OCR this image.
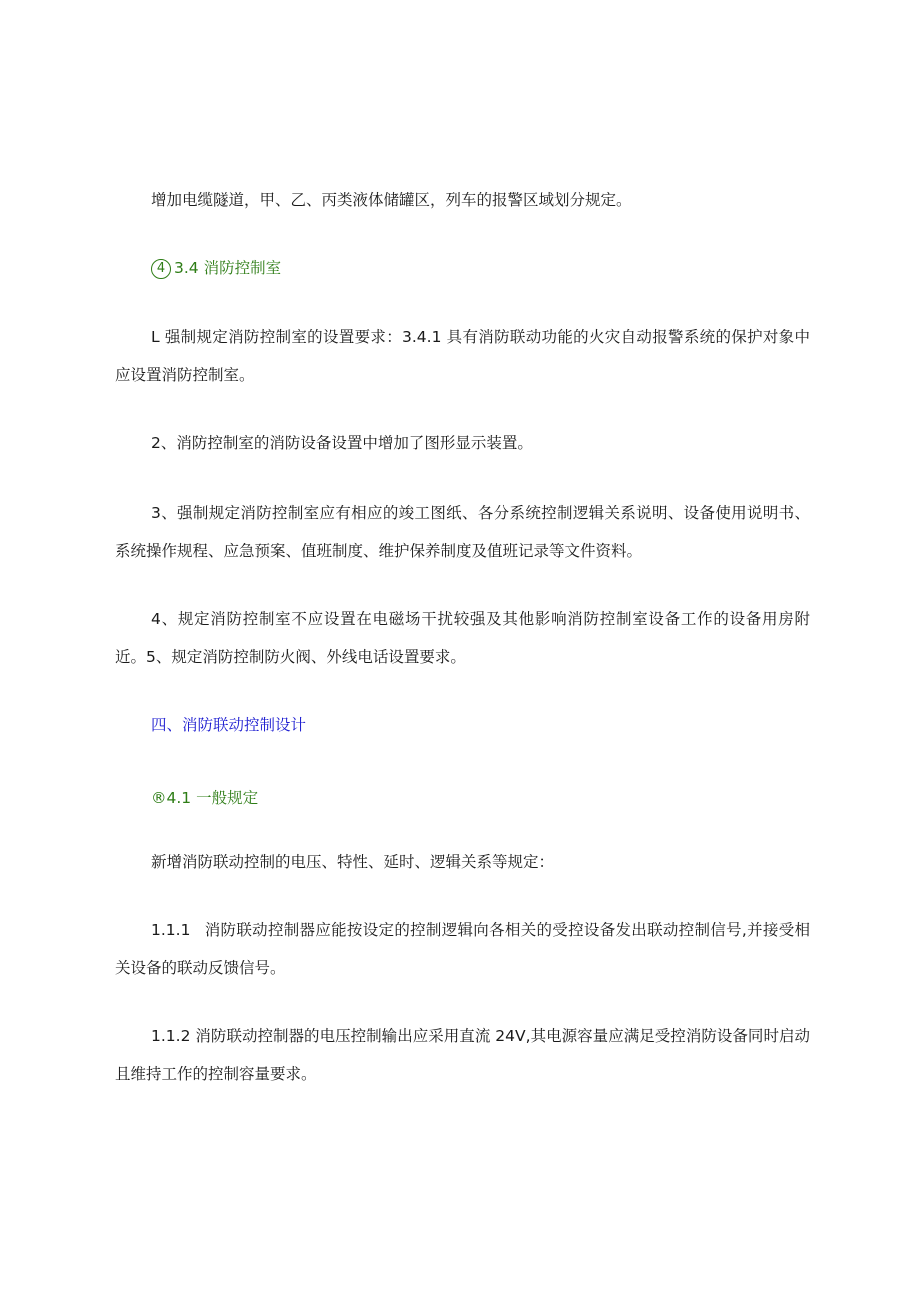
增加电缆隧道，甲、乙、丙类液体储罐区，列车的报警区域划分规定。

4 3.4 消防控制室

L 强制规定消防控制室的设置要求：3.4.1 具有消防联动功能的火灾自动报警系统的保护对象中应设置消防控制室。

2、消防控制室的消防设备设置中增加了图形显示装置。

3、强制规定消防控制室应有相应的竣工图纸、各分系统控制逻辑关系说明、设备使用说明书、系统操作规程、应急预案、值班制度、维护保养制度及值班记录等文件资料。

4、规定消防控制室不应设置在电磁场干扰较强及其他影响消防控制室设备工作的设备用房附近。5、规定消防控制防火阀、外线电话设置要求。

四、消防联动控制设计

®4.1 一般规定

新增消防联动控制的电压、特性、延时、逻辑关系等规定：

1.1.1 消防联动控制器应能按设定的控制逻辑向各相关的受控设备发出联动控制信号,并接受相关设备的联动反馈信号。

1.1.2 消防联动控制器的电压控制输出应采用直流 24V,其电源容量应满足受控消防设备同时启动且维持工作的控制容量要求。
